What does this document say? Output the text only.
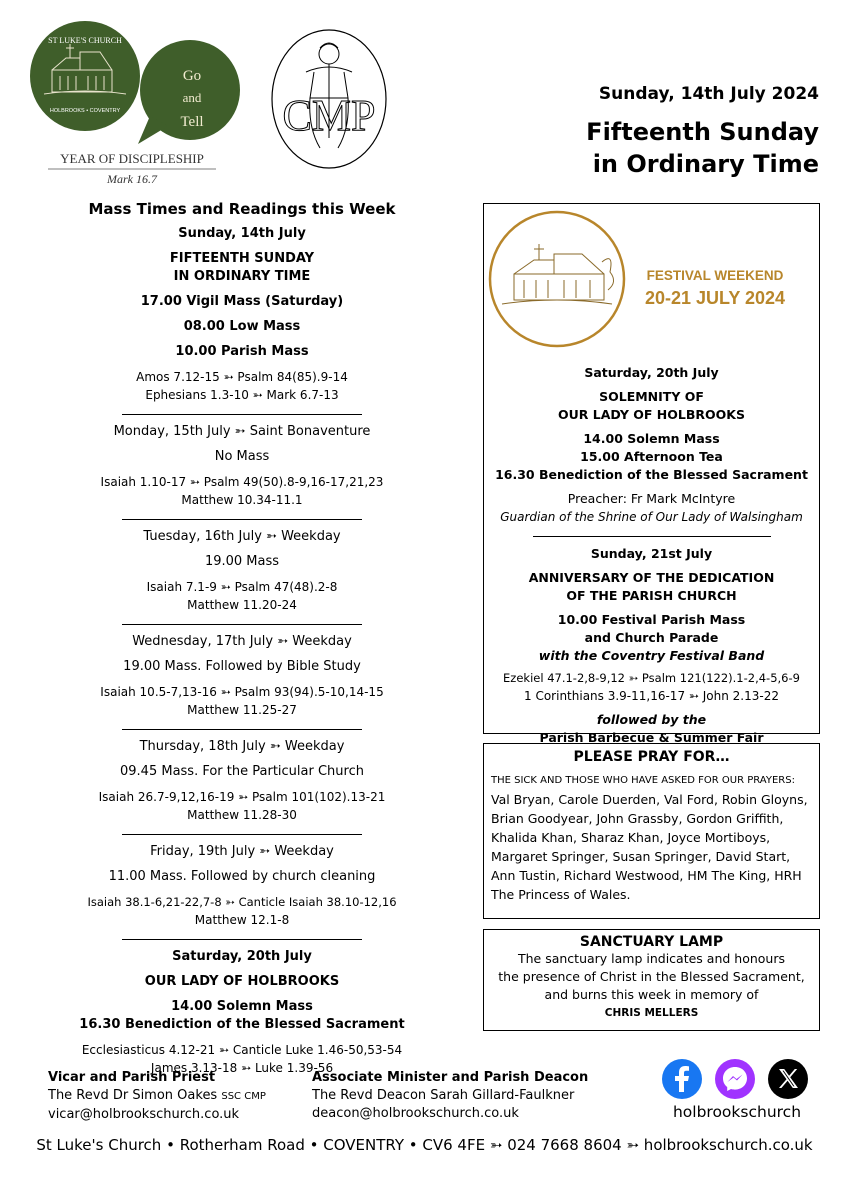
ST LUKE'S CHURCH
HOLBROOKS • COVENTRY
Go
and
Tell
YEAR OF DISCIPLESHIP
Mark 16.7
CMP	Sunday, 14th July 2024
Fifteenth Sunday
in Ordinary Time

Mass Times and Readings this Week

Sunday, 14th July

FIFTEENTH SUNDAY

IN ORDINARY TIME

17.00 Vigil Mass (Saturday)

08.00 Low Mass

10.00 Parish Mass

Amos 7.12-15 ➳ Psalm 84(85).9-14

Ephesians 1.3-10 ➳ Mark 6.7-13

Monday, 15th July ➳ Saint Bonaventure

No Mass

Isaiah 1.10-17 ➳ Psalm 49(50).8-9,16-17,21,23

Matthew 10.34-11.1

Tuesday, 16th July ➳ Weekday

19.00 Mass

Isaiah 7.1-9 ➳ Psalm 47(48).2-8

Matthew 11.20-24

Wednesday, 17th July ➳ Weekday

19.00 Mass. Followed by Bible Study

Isaiah 10.5-7,13-16 ➳ Psalm 93(94).5-10,14-15

Matthew 11.25-27

Thursday, 18th July ➳ Weekday

09.45 Mass. For the Particular Church

Isaiah 26.7-9,12,16-19 ➳ Psalm 101(102).13-21

Matthew 11.28-30

Friday, 19th July ➳ Weekday

11.00 Mass. Followed by church cleaning

Isaiah 38.1-6,21-22,7-8 ➳ Canticle Isaiah 38.10-12,16

Matthew 12.1-8

Saturday, 20th July

OUR LADY OF HOLBROOKS

14.00 Solemn Mass

16.30 Benediction of the Blessed Sacrament

Ecclesiasticus 4.12-21 ➳ Canticle Luke 1.46-50,53-54

James 3.13-18 ➳ Luke 1.39-56

FESTIVAL WEEKEND
20-21 JULY 2024

Saturday, 20th July

SOLEMNITY OF

OUR LADY OF HOLBROOKS

14.00 Solemn Mass

15.00 Afternoon Tea

16.30 Benediction of the Blessed Sacrament

Preacher: Fr Mark McIntyre

Guardian of the Shrine of Our Lady of Walsingham

Sunday, 21st July

ANNIVERSARY OF THE DEDICATION

OF THE PARISH CHURCH

10.00 Festival Parish Mass

and Church Parade

with the Coventry Festival Band

Ezekiel 47.1-2,8-9,12 ➳ Psalm 121(122).1-2,4-5,6-9

1 Corinthians 3.9-11,16-17 ➳ John 2.13-22

followed by the

Parish Barbecue & Summer Fair

PLEASE PRAY FOR…
THE SICK AND THOSE WHO HAVE ASKED FOR OUR PRAYERS: Val Bryan, Carole Duerden, Val Ford, Robin Gloyns, Brian Goodyear, John Grassby, Gordon Griffith, Khalida Khan, Sharaz Khan, Joyce Mortiboys, Margaret Springer, Susan Springer, David Start, Ann Tustin, Richard Westwood, HM The King, HRH The Princess of Wales.
SANCTUARY LAMP
The sanctuary lamp indicates and honours
the presence of Christ in the Blessed Sacrament,
and burns this week in memory of
CHRIS MELLERS
Vicar and Parish Priest
The Revd Dr Simon Oakes SSC CMP
vicar@holbrookschurch.co.uk
Associate Minister and Parish Deacon
The Revd Deacon Sarah Gillard-Faulkner
deacon@holbrookschurch.co.uk	holbrookschurch
St Luke's Church • Rotherham Road • COVENTRY • CV6 4FE ➳ 024 7668 8604 ➳ holbrookschurch.co.uk
